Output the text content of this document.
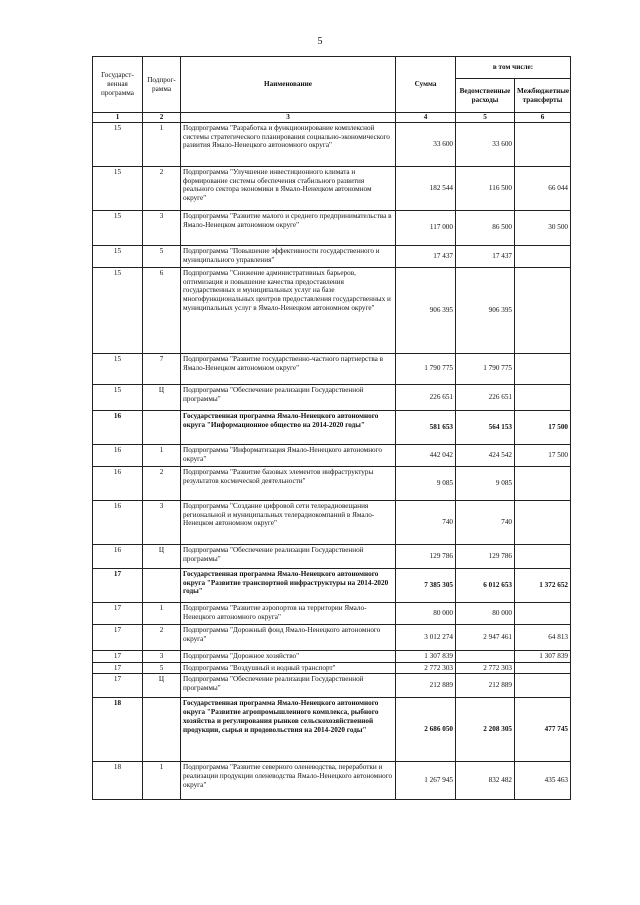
5
Государст-венная программа	Подпрог-рамма	Наименование	Сумма	в том числе:	
				Ведомственные расходы	Межбюджетные трансферты
1	2	3	4	5	6
15	1	Подпрограмма "Разработка и функционирование комплексной системы стратегического планирования социально-экономического развития Ямало-Ненецкого автономного округа"	33 600	33 600	
15	2	Подпрограмма "Улучшение инвестиционного климата и формирование системы обеспечения стабильного развития реального сектора экономики в Ямало-Ненецком автономном округе"	182 544	116 500	66 044
15	3	Подпрограмма "Развитие малого и среднего предпринимательства в Ямало-Ненецком автономном округе"	117 000	86 500	30 500
15	5	Подпрограмма "Повышение эффективности государственного и муниципального управления"	17 437	17 437	
15	6	Подпрограмма "Снижение административных барьеров, оптимизация и повышение качества предоставления государственных и муниципальных услуг на базе многофункциональных центров предоставления государственных и муниципальных услуг в Ямало-Ненецком автономном округе"	906 395	906 395	
15	7	Подпрограмма "Развитие государственно-частного партнерства в Ямало-Ненецком автономном округе"	1 790 775	1 790 775	
15	Ц	Подпрограмма "Обеспечение реализации Государственной программы"	226 651	226 651	
16		Государственная программа Ямало-Ненецкого автономного округа "Информационное общество на 2014-2020 годы"	581 653	564 153	17 500
16	1	Подпрограмма "Информатизация Ямало-Ненецкого автономного округа"	442 042	424 542	17 500
16	2	Подпрограмма "Развитие базовых элементов инфраструктуры результатов космической деятельности"	9 085	9 085	
16	3	Подпрограмма "Создание цифровой сети телерадиовещания региональной и муниципальных телерадиокомпаний в Ямало-Ненецком автономном округе"	740	740	
16	Ц	Подпрограмма "Обеспечение реализации Государственной программы"	129 786	129 786	
17		Государственная программа Ямало-Ненецкого автономного округа "Развитие транспортной инфраструктуры на 2014-2020 годы"	7 385 305	6 012 653	1 372 652
17	1	Подпрограмма "Развитие аэропортов на территории Ямало-Ненецкого автономного округа"	80 000	80 000	
17	2	Подпрограмма "Дорожный фонд Ямало-Ненецкого автономного округа"	3 012 274	2 947 461	64 813
17	3	Подпрограмма "Дорожное хозяйство"	1 307 839		1 307 839
17	5	Подпрограмма "Воздушный и водный транспорт"	2 772 303	2 772 303	
17	Ц	Подпрограмма "Обеспечение реализации Государственной программы"	212 889	212 889	
18		Государственная программа Ямало-Ненецкого автономного округа "Развитие агропромышленного комплекса, рыбного хозяйства и регулирования рынков сельскохозяйственной продукции, сырья и продовольствия на 2014-2020 годы"	2 686 050	2 208 305	477 745
18	1	Подпрограмма "Развитие северного оленеводства, переработки и реализации продукции оленеводства Ямало-Ненецкого автономного округа"	1 267 945	832 482	435 463
